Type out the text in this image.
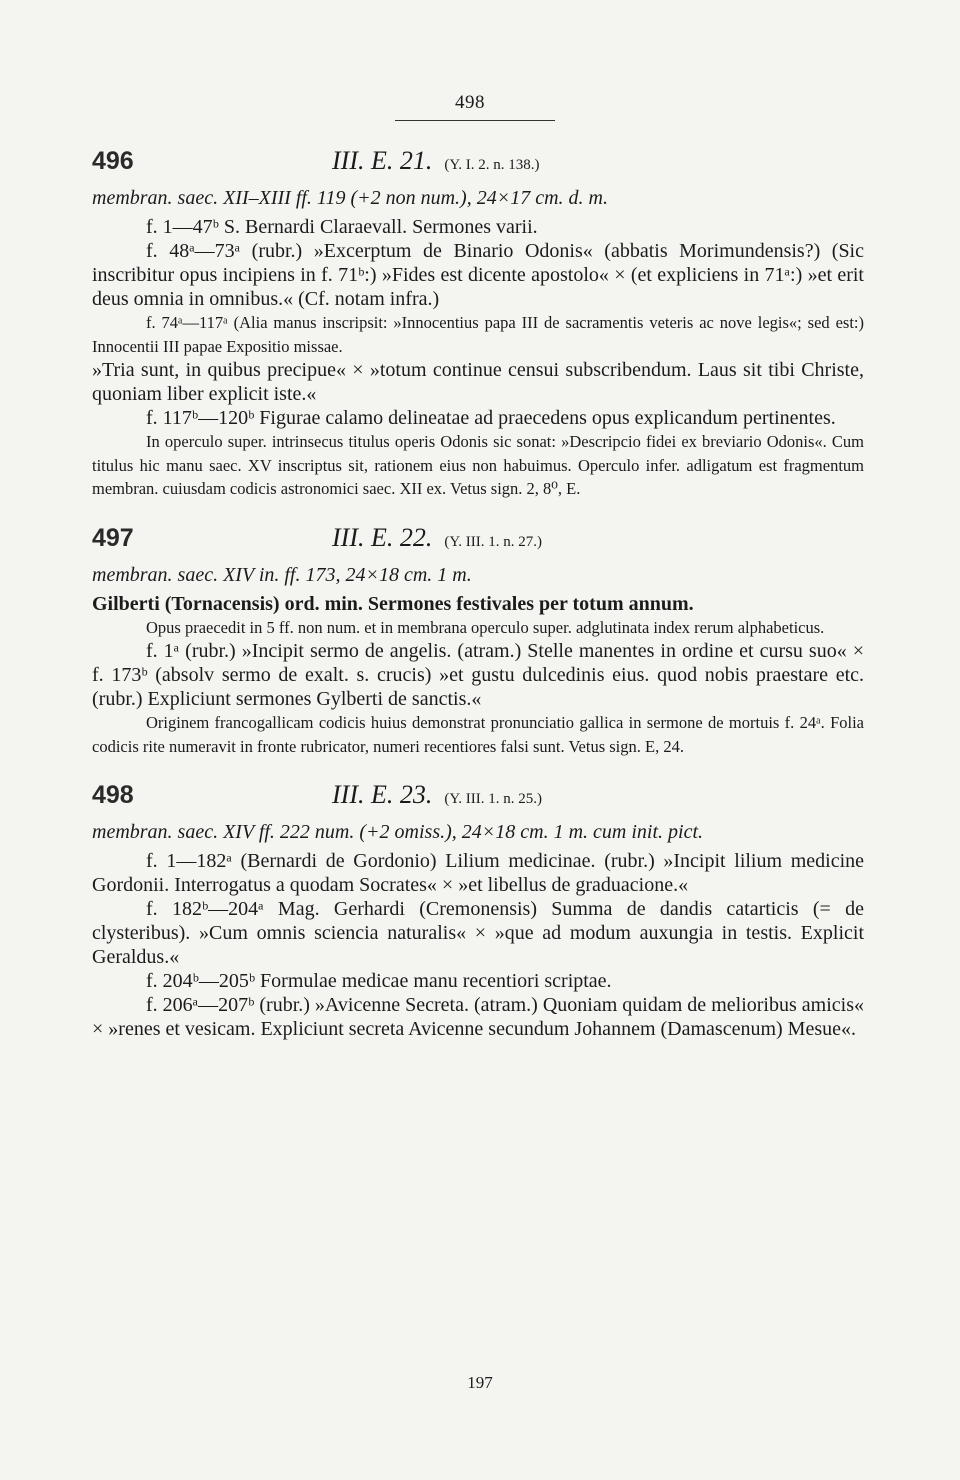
498
496	III. E. 21. (Y. I. 2. n. 138.)

membran. saec. XII–XIII ff. 119 (+2 non num.), 24×17 cm. d. m.

f. 1—47ᵇ S. Bernardi Claraevall. Sermones varii.

f. 48ᵃ—73ᵃ (rubr.) »Excerptum de Binario Odonis« (abbatis Morimundensis?) (Sic inscribitur opus incipiens in f. 71ᵇ:) »Fides est dicente apostolo« × (et expliciens in 71ᵃ:) »et erit deus omnia in omnibus.« (Cf. notam infra.)

f. 74ᵃ—117ᵃ (Alia manus inscripsit: »Innocentius papa III de sacramentis veteris ac nove legis«; sed est:) Innocentii III papae Expositio missae.

»Tria sunt, in quibus precipue« × »totum continue censui subscribendum. Laus sit tibi Christe, quoniam liber explicit iste.«

f. 117ᵇ—120ᵇ Figurae calamo delineatae ad praecedens opus explicandum pertinentes.

In operculo super. intrinsecus titulus operis Odonis sic sonat: »Descripcio fidei ex breviario Odonis«. Cum titulus hic manu saec. XV inscriptus sit, rationem eius non habuimus. Operculo infer. adligatum est fragmentum membran. cuiusdam codicis astronomici saec. XII ex. Vetus sign. 2, 8⁰, E.

497	III. E. 22. (Y. III. 1. n. 27.)

membran. saec. XIV in. ff. 173, 24×18 cm. 1 m.

Gilberti (Tornacensis) ord. min. Sermones festivales per totum annum.

Opus praecedit in 5 ff. non num. et in membrana operculo super. adglutinata index rerum alphabeticus.

f. 1ᵃ (rubr.) »Incipit sermo de angelis. (atram.) Stelle manentes in ordine et cursu suo« × f. 173ᵇ (absolv sermo de exalt. s. crucis) »et gustu dulcedinis eius. quod nobis praestare etc. (rubr.) Expliciunt sermones Gylberti de sanctis.«

Originem francogallicam codicis huius demonstrat pronunciatio gallica in sermone de mortuis f. 24ᵃ. Folia codicis rite numeravit in fronte rubricator, numeri recentiores falsi sunt. Vetus sign. E, 24.

498	III. E. 23. (Y. III. 1. n. 25.)

membran. saec. XIV ff. 222 num. (+2 omiss.), 24×18 cm. 1 m. cum init. pict.

f. 1—182ᵃ (Bernardi de Gordonio) Lilium medicinae. (rubr.) »Incipit lilium medicine Gordonii. Interrogatus a quodam Socrates« × »et libellus de graduacione.«

f. 182ᵇ—204ᵃ Mag. Gerhardi (Cremonensis) Summa de dandis catarticis (= de clysteribus). »Cum omnis sciencia naturalis« × »que ad modum auxungia in testis. Explicit Geraldus.«

f. 204ᵇ—205ᵇ Formulae medicae manu recentiori scriptae.

f. 206ᵃ—207ᵇ (rubr.) »Avicenne Secreta. (atram.) Quoniam quidam de melioribus amicis« × »renes et vesicam. Expliciunt secreta Avicenne secundum Johannem (Damascenum) Mesue«.

197
